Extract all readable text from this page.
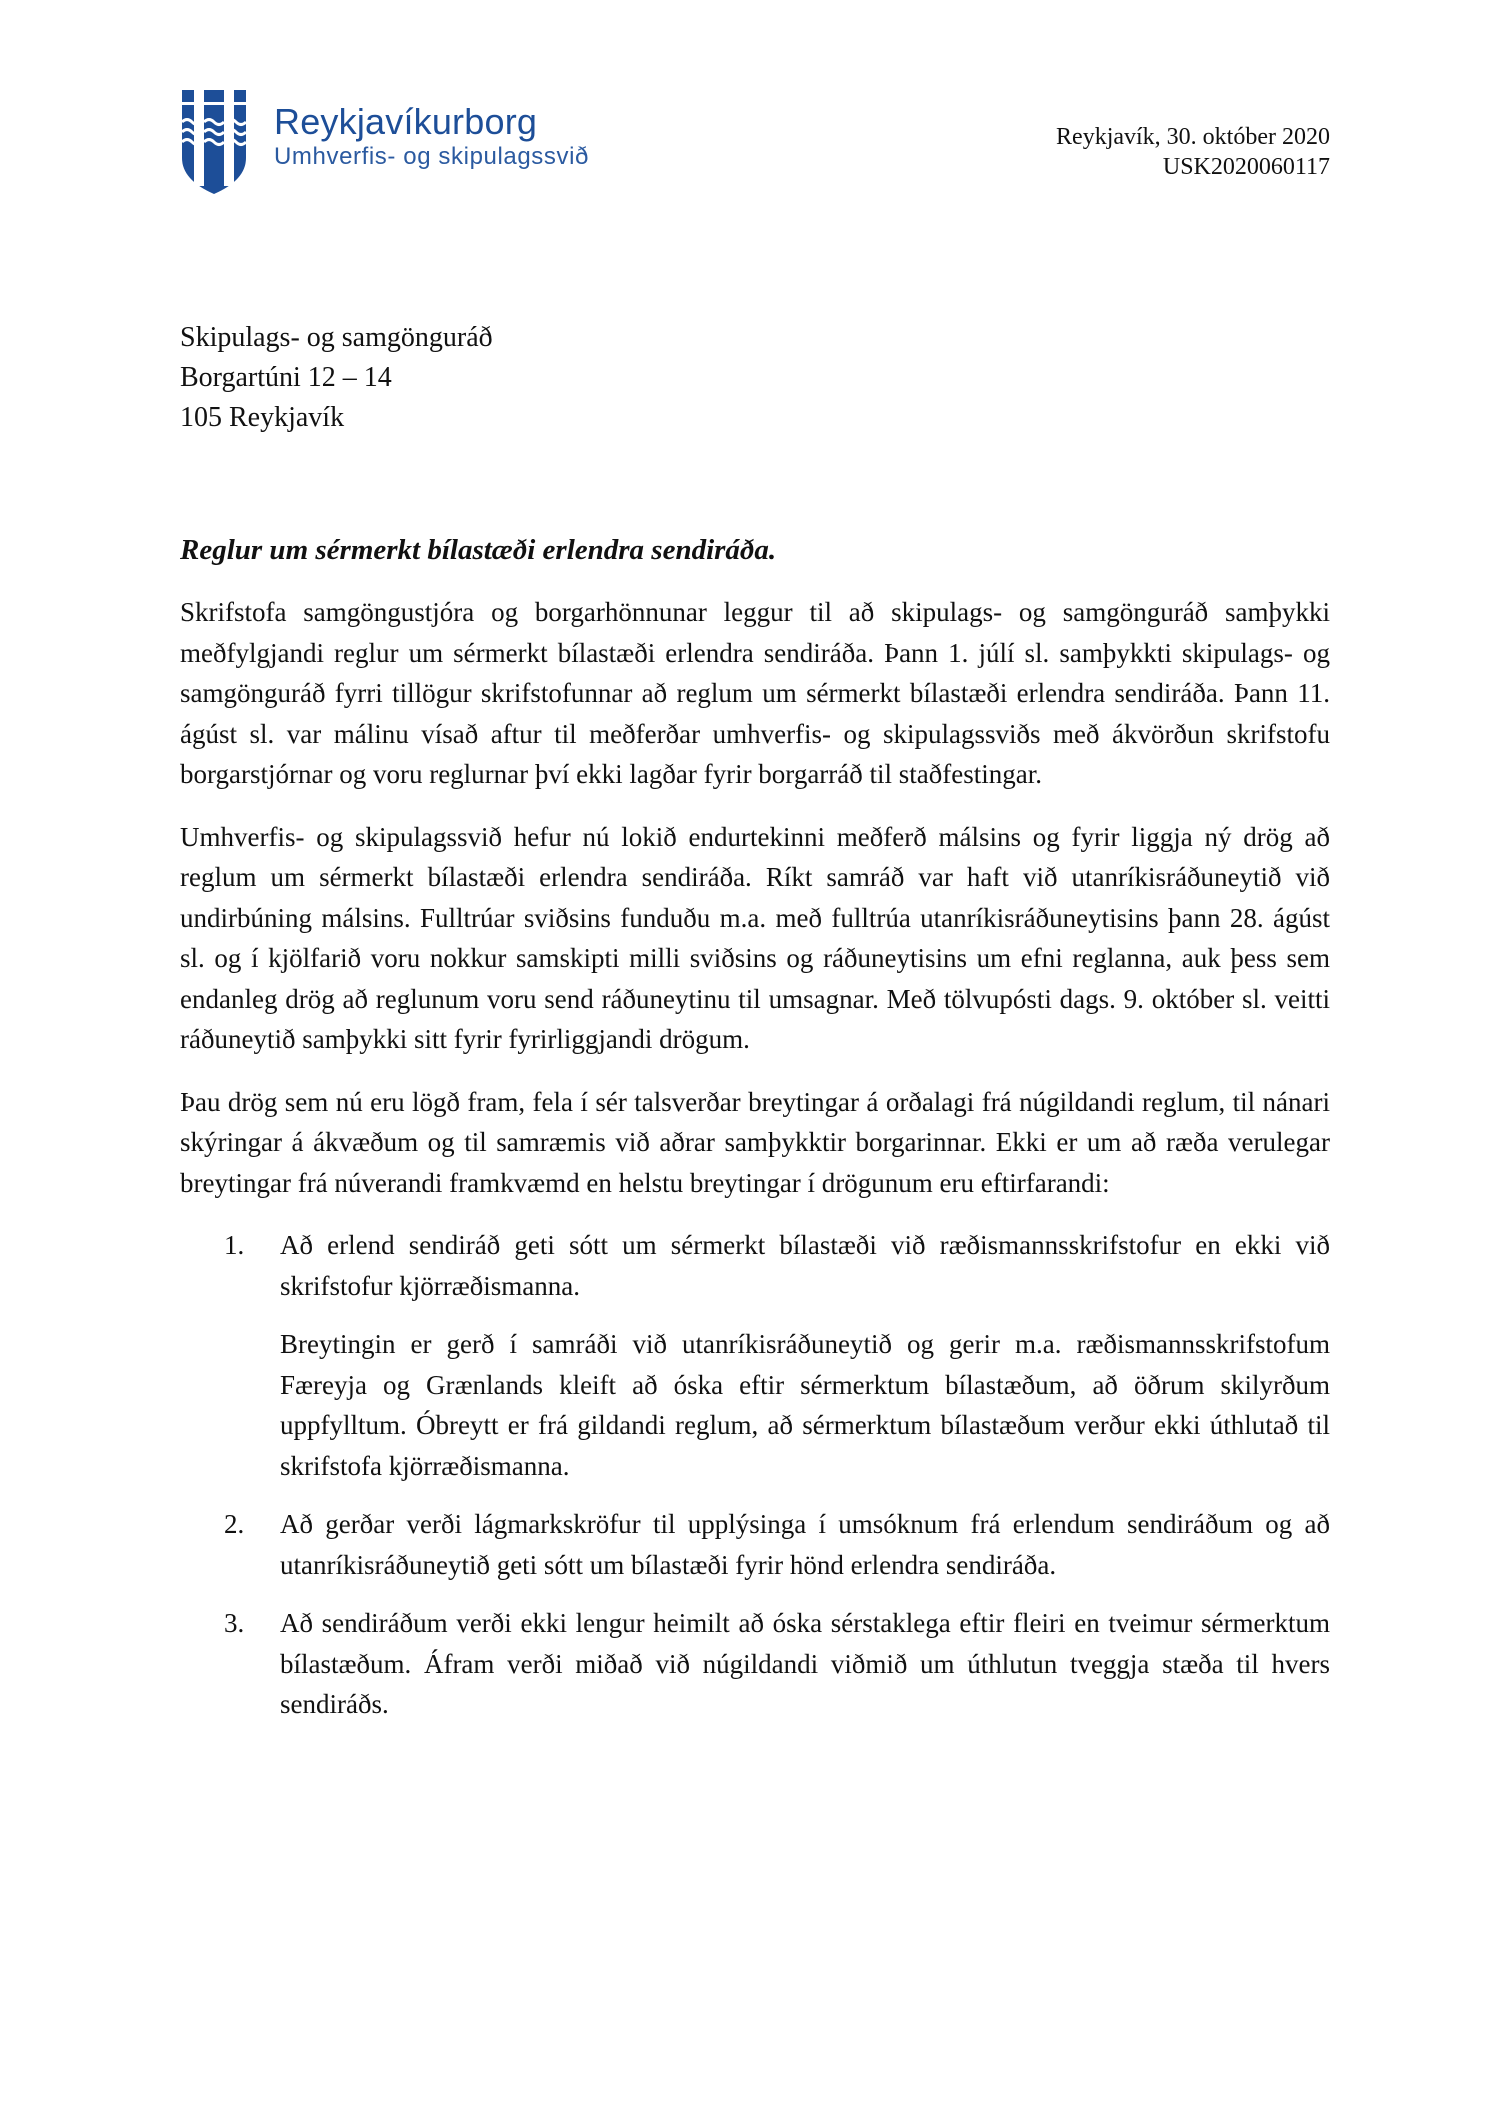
Reykjavíkurborg
Umhverfis- og skipulagssvið
Reykjavík, 30. október 2020
USK2020060117
Skipulags- og samgönguráð
Borgartúni 12 – 14
105 Reykjavík
Reglur um sérmerkt bílastæði erlendra sendiráða.

Skrifstofa samgöngustjóra og borgarhönnunar leggur til að skipulags- og samgönguráð samþykki meðfylgjandi reglur um sérmerkt bílastæði erlendra sendiráða. Þann 1. júlí sl. samþykkti skipulags- og samgönguráð fyrri tillögur skrifstofunnar að reglum um sérmerkt bílastæði erlendra sendiráða. Þann 11. ágúst sl. var málinu vísað aftur til meðferðar umhverfis- og skipulagssviðs með ákvörðun skrifstofu borgarstjórnar og voru reglurnar því ekki lagðar fyrir borgarráð til staðfestingar.

Umhverfis- og skipulagssvið hefur nú lokið endurtekinni meðferð málsins og fyrir liggja ný drög að reglum um sérmerkt bílastæði erlendra sendiráða. Ríkt samráð var haft við utanríkisráðuneytið við undirbúning málsins. Fulltrúar sviðsins funduðu m.a. með fulltrúa utanríkisráðuneytisins þann 28. ágúst sl. og í kjölfarið voru nokkur samskipti milli sviðsins og ráðuneytisins um efni reglanna, auk þess sem endanleg drög að reglunum voru send ráðuneytinu til umsagnar. Með tölvupósti dags. 9. október sl. veitti ráðuneytið samþykki sitt fyrir fyrirliggjandi drögum.

Þau drög sem nú eru lögð fram, fela í sér talsverðar breytingar á orðalagi frá núgildandi reglum, til nánari skýringar á ákvæðum og til samræmis við aðrar samþykktir borgarinnar. Ekki er um að ræða verulegar breytingar frá núverandi framkvæmd en helstu breytingar í drögunum eru eftirfarandi:

1.	Að erlend sendiráð geti sótt um sérmerkt bílastæði við ræðismannsskrifstofur en ekki við skrifstofur kjörræðismanna.

Breytingin er gerð í samráði við utanríkisráðuneytið og gerir m.a. ræðismannsskrifstofum Færeyja og Grænlands kleift að óska eftir sérmerktum bílastæðum, að öðrum skilyrðum uppfylltum. Óbreytt er frá gildandi reglum, að sérmerktum bílastæðum verður ekki úthlutað til skrifstofa kjörræðismanna.

2.	Að gerðar verði lágmarkskröfur til upplýsinga í umsóknum frá erlendum sendiráðum og að utanríkisráðuneytið geti sótt um bílastæði fyrir hönd erlendra sendiráða.

3.	Að sendiráðum verði ekki lengur heimilt að óska sérstaklega eftir fleiri en tveimur sérmerktum bílastæðum. Áfram verði miðað við núgildandi viðmið um úthlutun tveggja stæða til hvers sendiráðs.
